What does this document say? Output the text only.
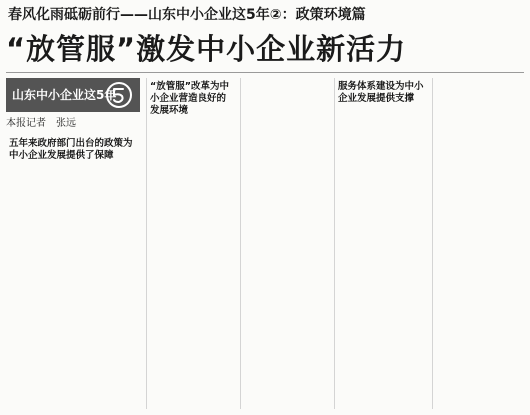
春风化雨砥砺前行——山东中小企业这5年②：政策环境篇
“放管服”激发中小企业新活力
山东中小企业这5年
本报记者　张远

五年来政府部门出台的政策为中小企业发展提供了保障

“放管服”改革为中小企业营造良好的发展环境

服务体系建设为中小企业发展提供支撑
